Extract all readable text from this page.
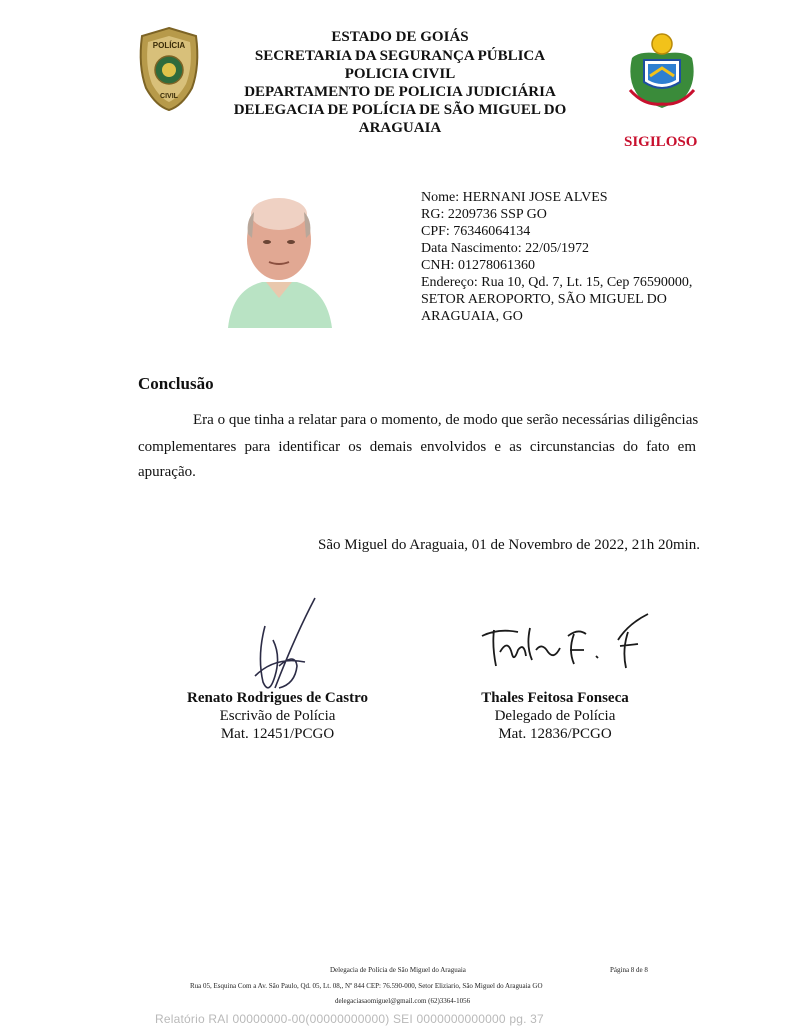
POLÍCIA
CIVIL
ESTADO DE GOIÁS
SECRETARIA DA SEGURANÇA PÚBLICA
POLICIA CIVIL
DEPARTAMENTO DE POLICIA JUDICIÁRIA
DELEGACIA DE POLÍCIA DE SÃO MIGUEL DO
ARAGUAIA
SIGILOSO
Nome: HERNANI JOSE ALVES
RG: 2209736 SSP GO
CPF: 76346064134
Data Nascimento: 22/05/1972
CNH: 01278061360
Endereço: Rua 10, Qd. 7, Lt. 15, Cep 76590000,
SETOR AEROPORTO, SÃO MIGUEL DO
ARAGUAIA, GO
Conclusão
Era o que tinha a relatar para o momento, de modo que serão necessárias diligências
complementares para identificar os demais envolvidos e as circunstancias do fato em
apuração.
São Miguel do Araguaia, 01 de Novembro de 2022, 21h 20min.
Renato Rodrigues de Castro
Escrivão de Polícia
Mat. 12451/PCGO
Thales Feitosa Fonseca
Delegado de Polícia
Mat. 12836/PCGO
Delegacia de Polícia de São Miguel do Araguaia	Página 8 de 8
Rua 05, Esquina Com a Av. São Paulo, Qd. 05, Lt. 08,, Nº 844 CEP: 76.590-000, Setor Eliziario, São Miguel do Araguaia GO
delegaciasaomiguel@gmail.com (62)3364-1056
Relatório RAI 00000000-00(00000000000) SEI 0000000000000 pg. 37
